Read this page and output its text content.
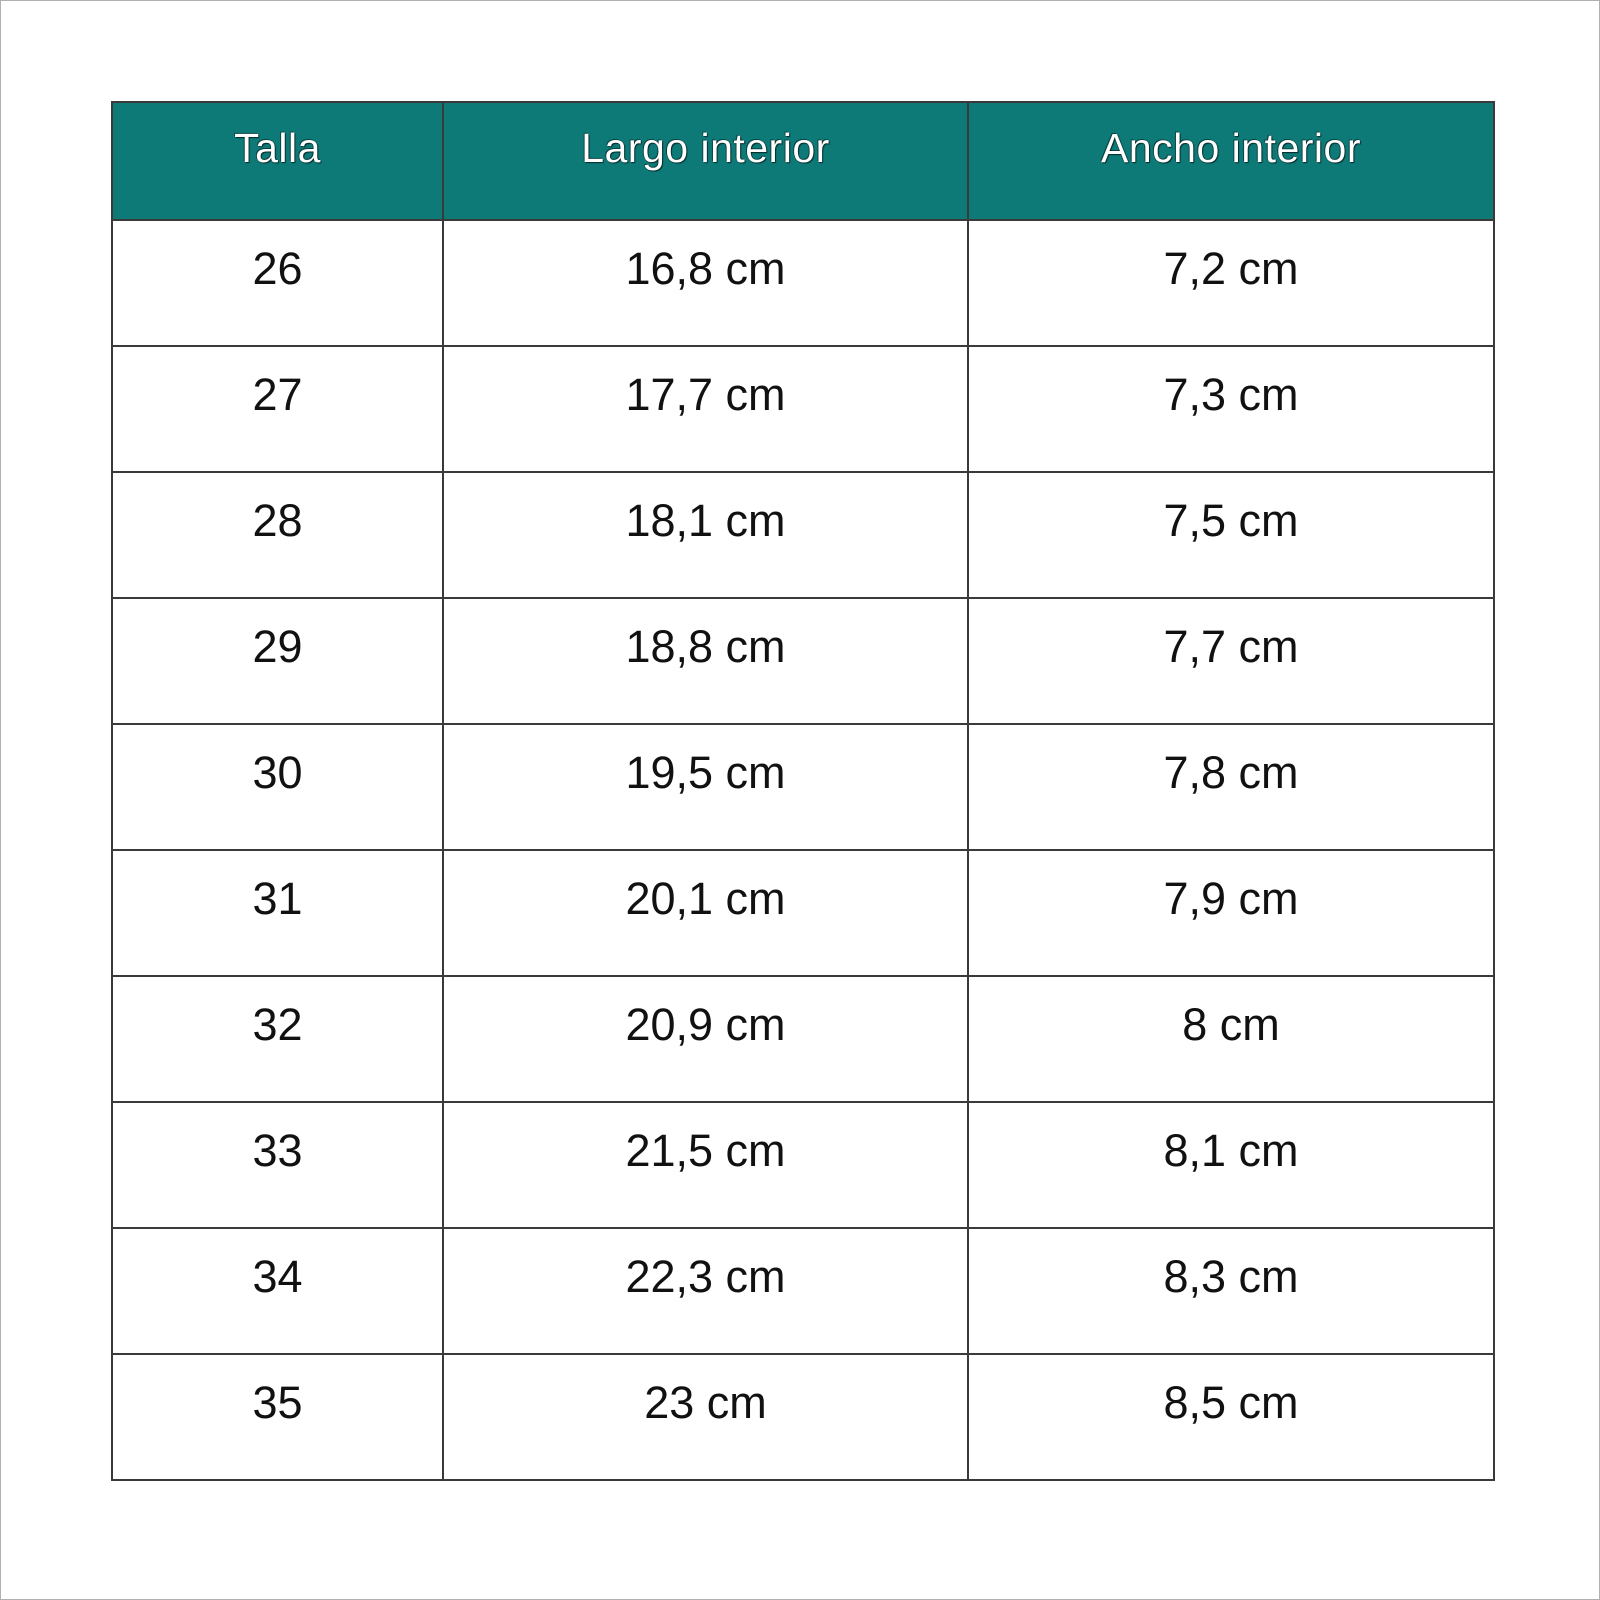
Talla	Largo interior	Ancho interior
26	16,8 cm	7,2 cm
27	17,7 cm	7,3 cm
28	18,1 cm	7,5 cm
29	18,8 cm	7,7 cm
30	19,5 cm	7,8 cm
31	20,1 cm	7,9 cm
32	20,9 cm	8 cm
33	21,5 cm	8,1 cm
34	22,3 cm	8,3 cm
35	23 cm	8,5 cm
